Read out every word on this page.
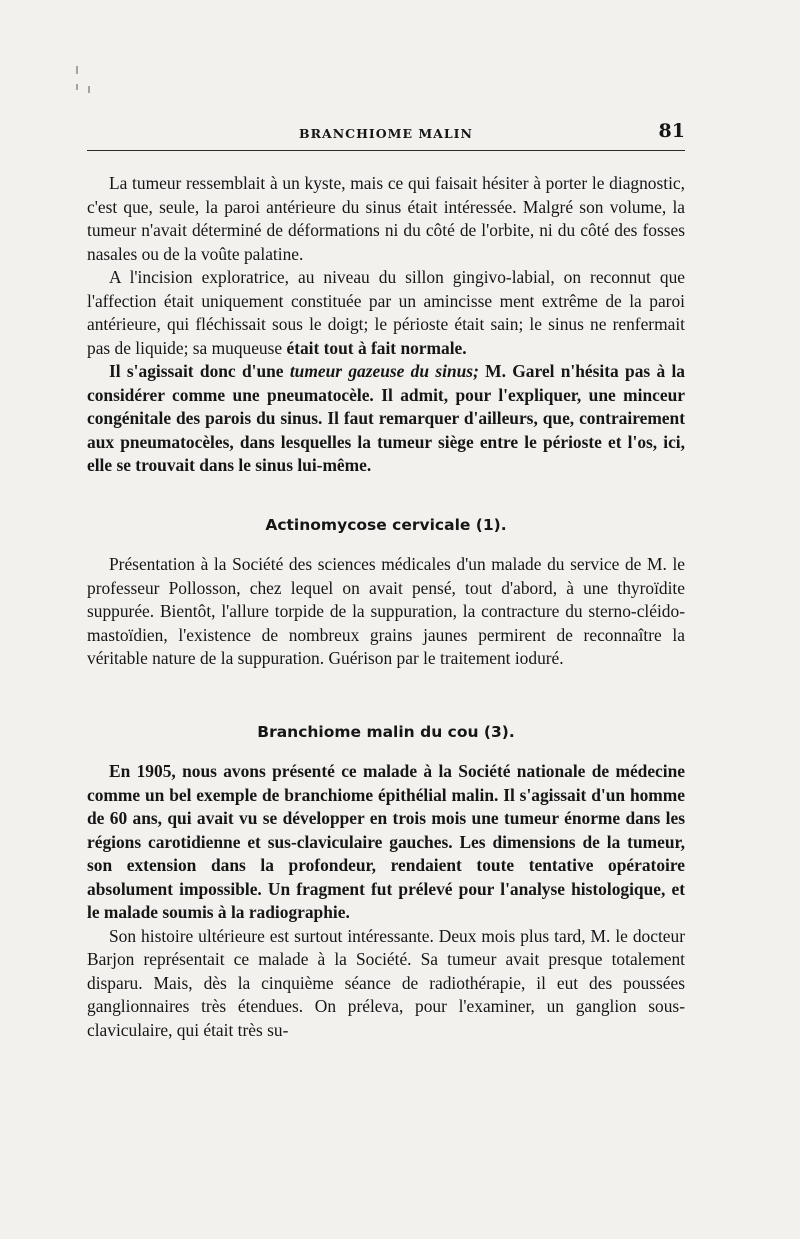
BRANCHIOME MALIN	81

La tumeur ressemblait à un kyste, mais ce qui faisait hésiter à porter le diagnostic, c'est que, seule, la paroi antérieure du sinus était intéressée. Malgré son volume, la tumeur n'avait déterminé de déformations ni du côté de l'orbite, ni du côté des fosses nasales ou de la voûte palatine.

A l'incision exploratrice, au niveau du sillon gingivo-labial, on reconnut que l'affection était uniquement constituée par un amincisse ment extrême de la paroi antérieure, qui fléchissait sous le doigt; le périoste était sain; le sinus ne renfermait pas de liquide; sa muqueuse était tout à fait normale.

Il s'agissait donc d'une tumeur gazeuse du sinus; M. Garel n'hésita pas à la considérer comme une pneumatocèle. Il admit, pour l'expliquer, une minceur congénitale des parois du sinus. Il faut remarquer d'ailleurs, que, contrairement aux pneumatocèles, dans lesquelles la tumeur siège entre le périoste et l'os, ici, elle se trouvait dans le sinus lui-même.

Actinomycose cervicale (1).

Présentation à la Société des sciences médicales d'un malade du service de M. le professeur Pollosson, chez lequel on avait pensé, tout d'abord, à une thyroïdite suppurée. Bientôt, l'allure torpide de la suppuration, la contracture du sterno-cléido-mastoïdien, l'existence de nombreux grains jaunes permirent de reconnaître la véritable nature de la suppuration. Guérison par le traitement ioduré.

Branchiome malin du cou (3).

En 1905, nous avons présenté ce malade à la Société nationale de médecine comme un bel exemple de branchiome épithélial malin. Il s'agissait d'un homme de 60 ans, qui avait vu se développer en trois mois une tumeur énorme dans les régions carotidienne et sus-claviculaire gauches. Les dimensions de la tumeur, son extension dans la profondeur, rendaient toute tentative opératoire absolument impossible. Un fragment fut prélevé pour l'analyse histologique, et le malade soumis à la radiographie.

Son histoire ultérieure est surtout intéressante. Deux mois plus tard, M. le docteur Barjon représentait ce malade à la Société. Sa tumeur avait presque totalement disparu. Mais, dès la cinquième séance de radiothérapie, il eut des poussées ganglionnaires très étendues. On préleva, pour l'examiner, un ganglion sous-claviculaire, qui était très su-
